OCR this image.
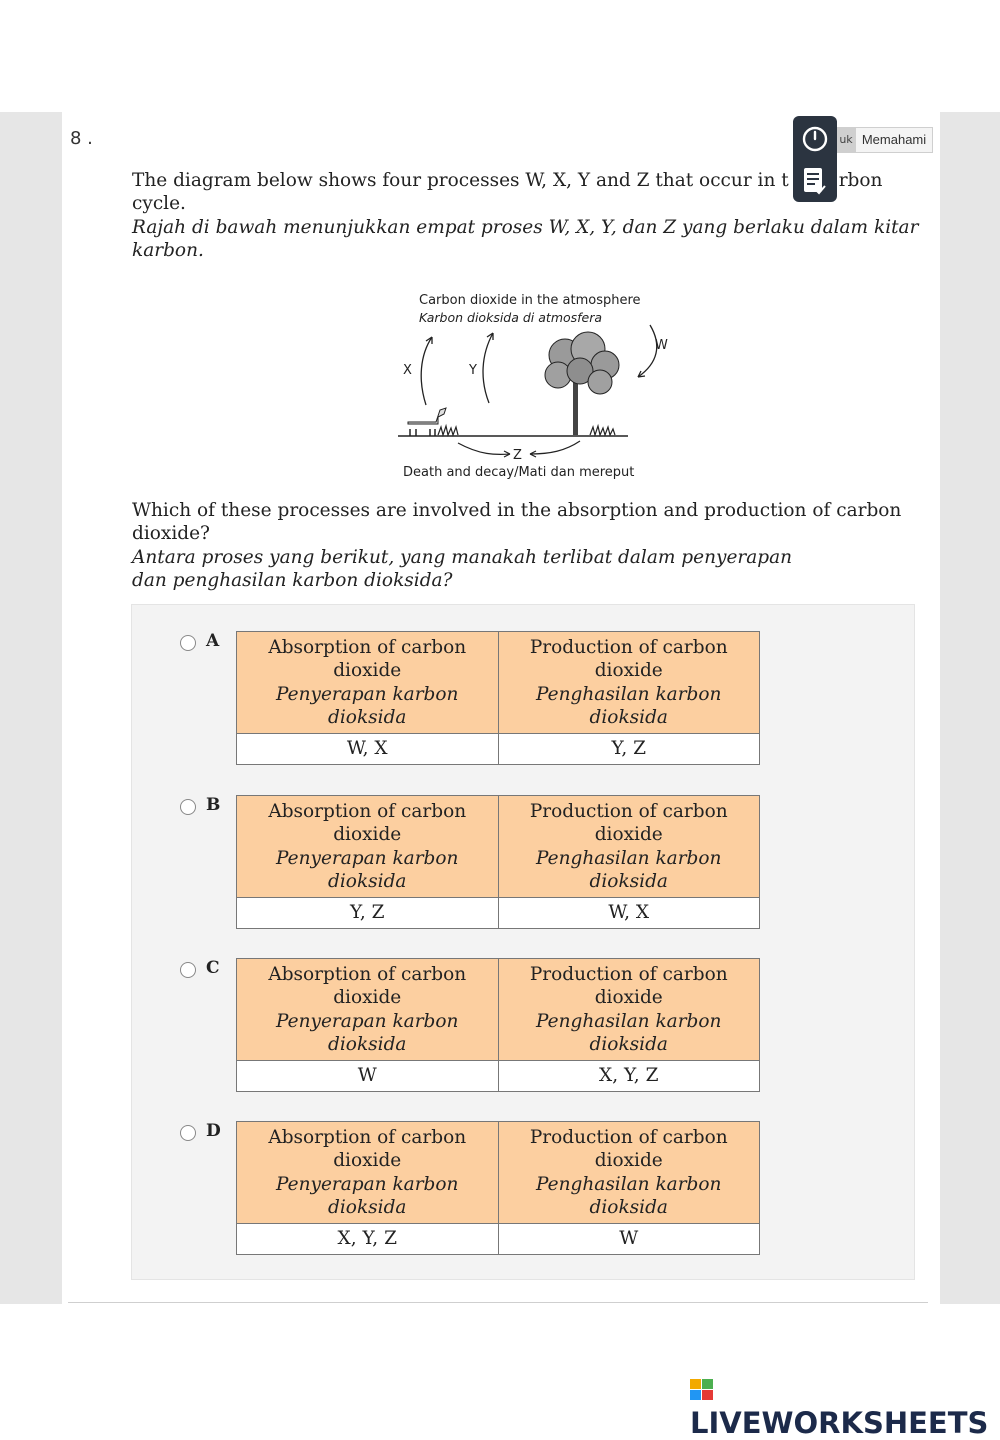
8 .
The diagram below shows four processes W, X, Y and Z that occur in t	rbon
cycle.
Rajah di bawah menunjukkan empat proses W, X, Y, dan Z yang berlaku dalam kitar
karbon.
uk Memahami
Carbon dioxide in the atmosphere
Karbon dioksida di atmosfera
X	Y
W
Z
Death and decay/Mati dan mereput
Which of these processes are involved in the absorption and production of carbon
dioxide?
Antara proses yang berikut, yang manakah terlibat dalam penyerapan
dan penghasilan karbon dioksida?
A	Absorption of carbon
dioxide
Penyerapan karbon
dioksida	Production of carbon
dioxide
Penghasilan karbon
dioksida

W, X	Y, Z
B	Absorption of carbon
dioxide
Penyerapan karbon
dioksida	Production of carbon
dioxide
Penghasilan karbon
dioksida

Y, Z	W, X
C	Absorption of carbon
dioxide
Penyerapan karbon
dioksida	Production of carbon
dioxide
Penghasilan karbon
dioksida

W	X, Y, Z
D	Absorption of carbon
dioxide
Penyerapan karbon
dioksida	Production of carbon
dioxide
Penghasilan karbon
dioksida

X, Y, Z	W
LIVEWORKSHEETS
